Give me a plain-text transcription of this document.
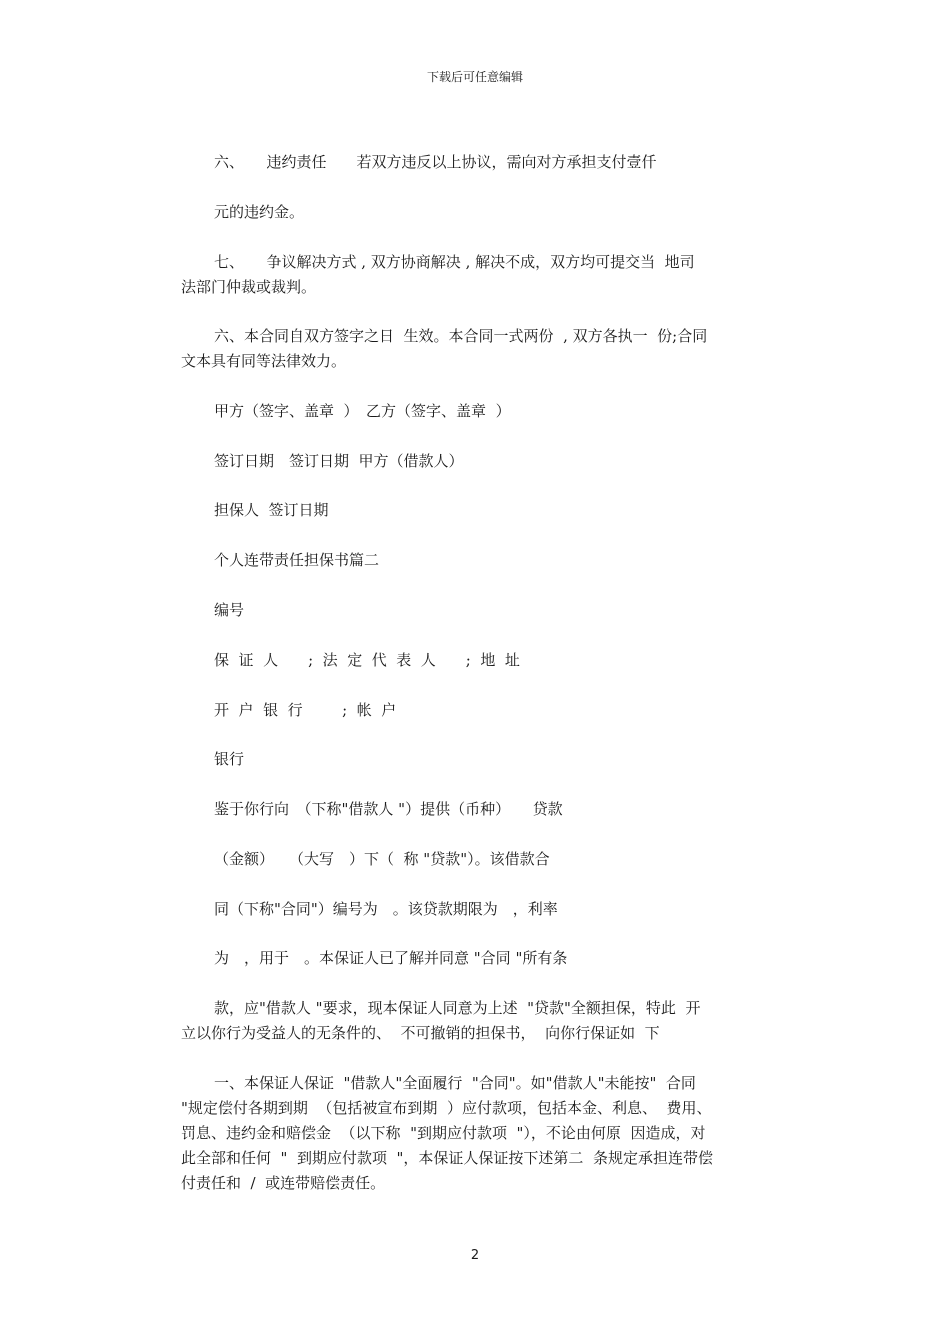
下载后可任意编辑
六、　　违约责任　　若双方违反以上协议，需向对方承担支付壹仟
元的违约金。
七、　　争议解决方式 , 双方协商解决 , 解决不成，双方均可提交当  地司
法部门仲裁或裁判。
六、本合同自双方签字之日  生效。本合同一式两份  , 双方各执一  份;合同
文本具有同等法律效力。
甲方（签字、盖章  ）　乙方（签字、盖章  ）
签订日期　签订日期  甲方（借款人）
担保人  签订日期
个人连带责任担保书篇二
编号
保  证  人　　;  法  定  代  表  人　　;  地  址
开  户  银  行　　  ;  帐  户
银行
鉴于你行向　（下称"借款人 "）提供（币种）　　贷款
（金额）　　（大写　）下（  称 "贷款"）。该借款合
同（下称"合同"）编号为　。该贷款期限为　，利率
为　，用于　。本保证人已了解并同意 "合同 "所有条
款，应"借款人 "要求，现本保证人同意为上述  "贷款"全额担保，特此  开
立以你行为受益人的无条件的、  不可撤销的担保书，  向你行保证如  下
一、本保证人保证  "借款人"全面履行  "合同"。如"借款人"未能按"  合同
"规定偿付各期到期  （包括被宣布到期  ）应付款项，包括本金、利息、  费用、
罚息、违约金和赔偿金  （以下称  "到期应付款项  "），不论由何原  因造成，对
此全部和任何  "  到期应付款项  "，本保证人保证按下述第二  条规定承担连带偿
付责任和  /  或连带赔偿责任。
2
